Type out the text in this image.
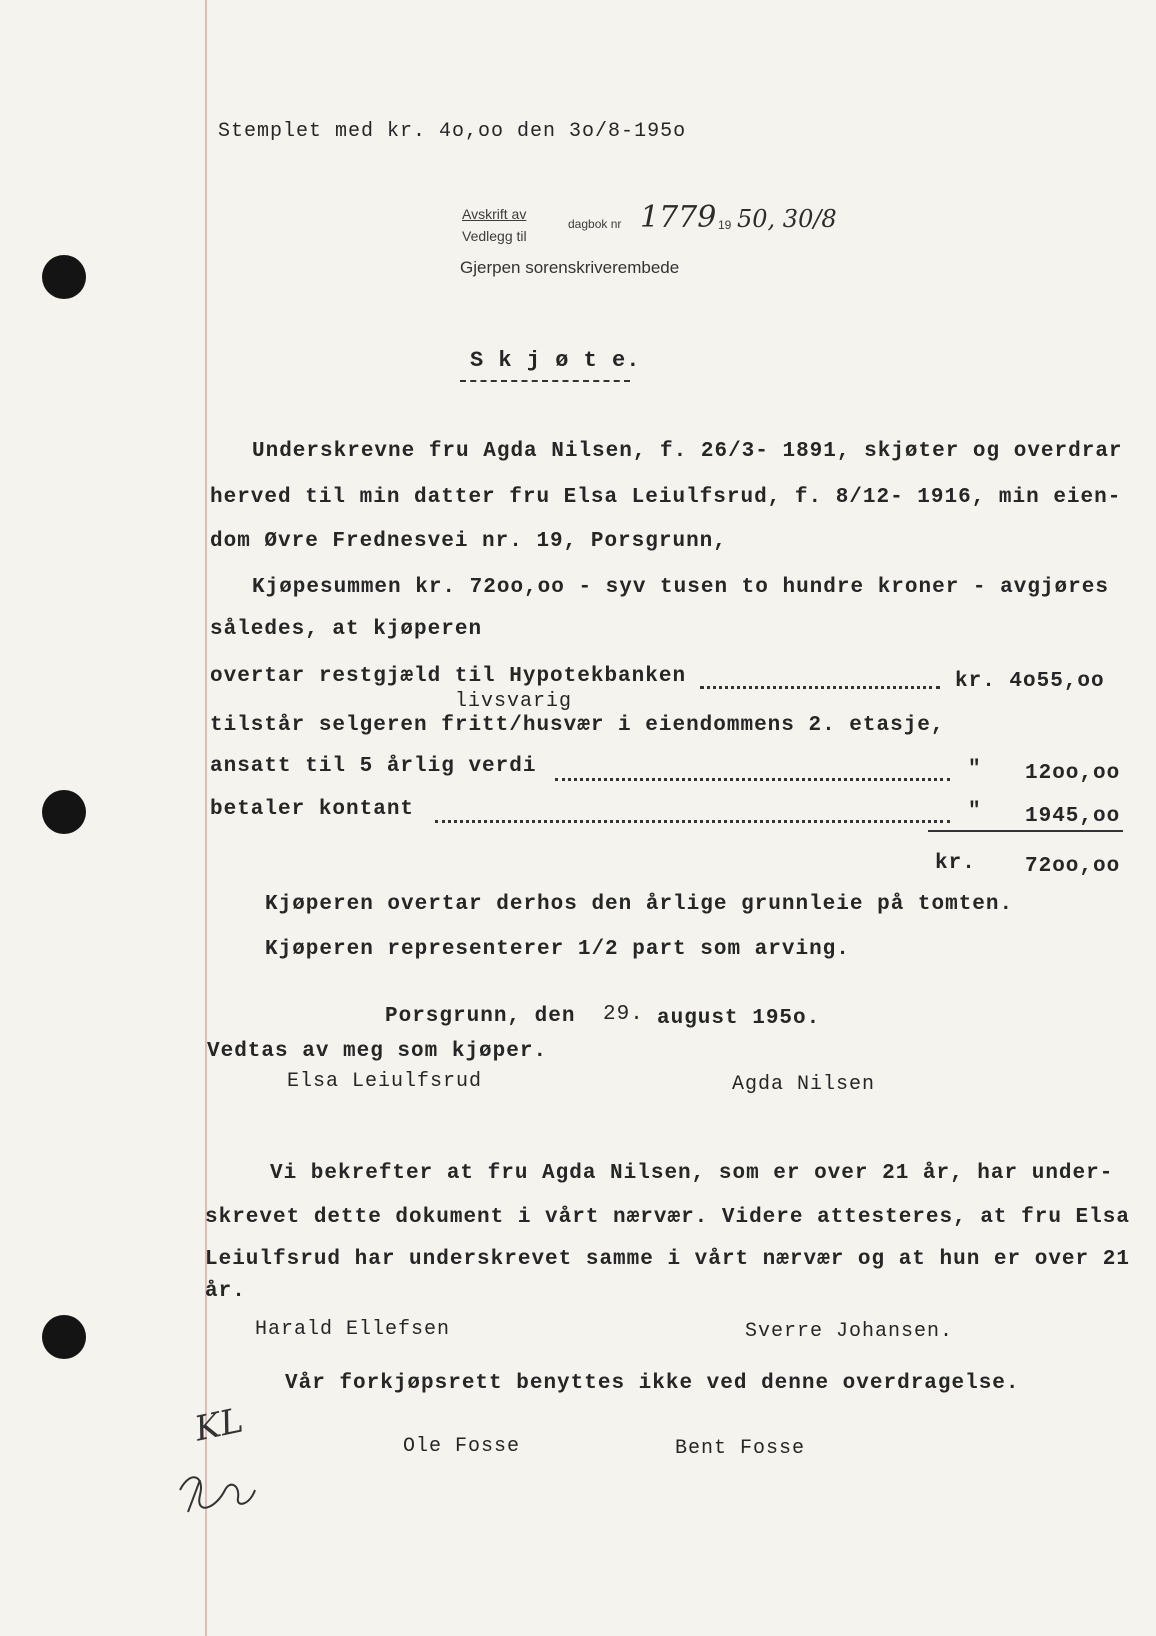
Stemplet med kr. 4o,oo den 3o/8-195o
Avskrift av
Vedlegg til
dagbok nr 1779 19 50, 30/8
Gjerpen sorenskriverembede
S k j ø t e.
Underskrevne fru Agda Nilsen, f. 26/3- 1891, skjøter og overdrar
herved til min datter fru Elsa Leiulfsrud, f. 8/12- 1916, min eien-
dom Øvre Frednesvei nr. 19, Porsgrunn,
Kjøpesummen kr. 72oo,oo - syv tusen to hundre kroner - avgjøres
således, at kjøperen
overtar restgjæld til Hypotekbanken	kr. 4o55,oo
livsvarig
tilstår selgeren fritt/husvær i eiendommens 2. etasje,
ansatt til 5 årlig verdi	" 12oo,oo
betaler kontant	" 1945,oo
kr. 72oo,oo
Kjøperen overtar derhos den årlige grunnleie på tomten.
Kjøperen representerer 1/2 part som arving.
Porsgrunn, den 29. august 195o.
Vedtas av meg som kjøper.
Elsa Leiulfsrud	Agda Nilsen
Vi bekrefter at fru Agda Nilsen, som er over 21 år, har under-
skrevet dette dokument i vårt nærvær. Videre attesteres, at fru Elsa
Leiulfsrud har underskrevet samme i vårt nærvær og at hun er over 21
år.
Harald Ellefsen	Sverre Johansen.
Vår forkjøpsrett benyttes ikke ved denne overdragelse.
Ole Fosse	Bent Fosse
KL
